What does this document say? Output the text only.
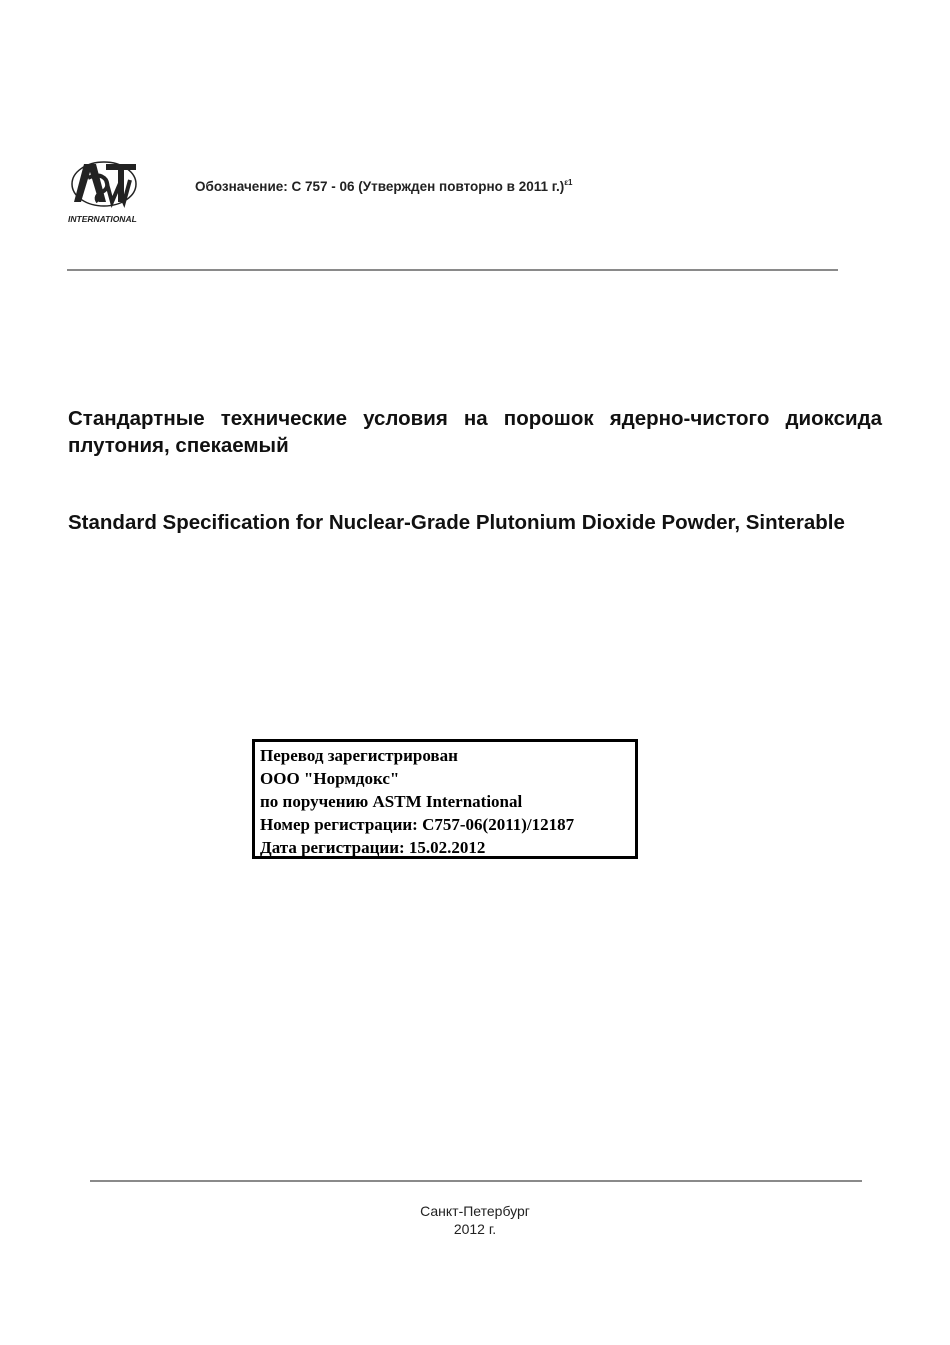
INTERNATIONAL
Обозначение: C 757 - 06 (Утвержден повторно в 2011 г.)$^{\varepsilon 1}$
Стандартные технические условия на порошок ядерно-чистого диоксида плутония, спекаемый
Standard Specification for Nuclear-Grade Plutonium Dioxide Powder, Sinterable
Перевод зарегистрирован
ООО "Нормдокс"
по поручению ASTM International
Номер регистрации: C757-06(2011)/12187
Дата регистрации: 15.02.2012
Санкт-Петербург
2012 г.
